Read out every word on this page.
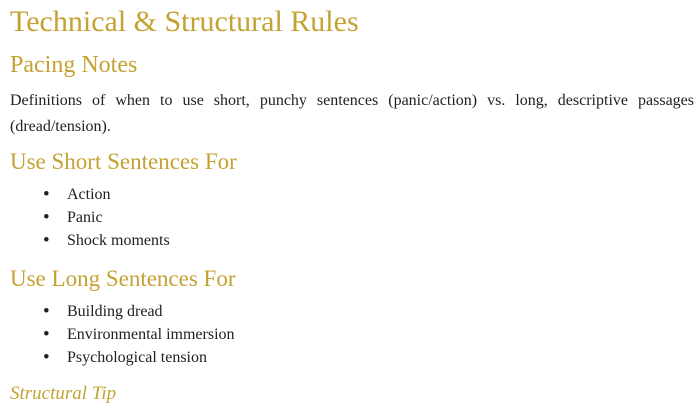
Technical & Structural Rules
Pacing Notes

Definitions of when to use short, punchy sentences (panic/action) vs. long, descriptive passages (dread/tension).

Use Short Sentences For
• Action
• Panic
• Shock moments
Use Long Sentences For
• Building dread
• Environmental immersion
• Psychological tension
Structural Tip
